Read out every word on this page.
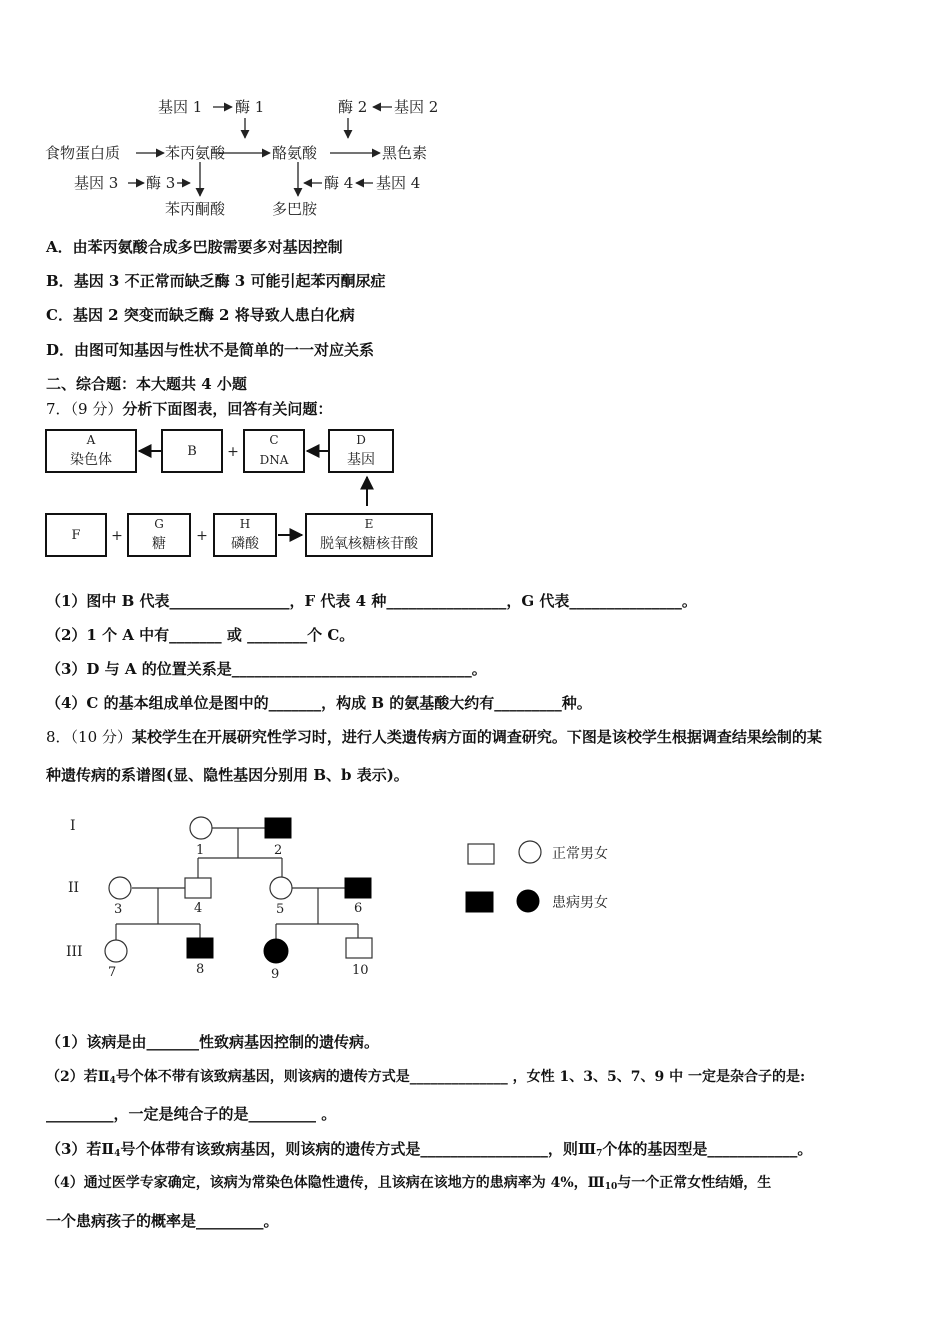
基因 1 酶 1	酶 2 基因 2
食物蛋白质	苯丙氨酸	酪氨酸	黑色素
基因 3 酶 3	酶 4 基因 4
苯丙酮酸	多巴胺
A．由苯丙氨酸合成多巴胺需要多对基因控制
B．基因 3 不正常而缺乏酶 3 可能引起苯丙酮尿症
C．基因 2 突变而缺乏酶 2 将导致人患白化病
D．由图可知基因与性状不是简单的一一对应关系
二、综合题：本大题共 4 小题
7．（9 分）分析下面图表，回答有关问题：
A
染色体
B +
C
DNA
D
基因
F +
G
糖 +
H
磷酸
E
脱氧核糖核苷酸
（1）图中 B 代表________________，F 代表 4 种________________，G 代表_______________。
（2）1 个 A 中有_______ 或 ________个 C。
（3）D 与 A 的位置关系是________________________________。
（4）C 的基本组成单位是图中的_______，构成 B 的氨基酸大约有_________种。
8．（10 分）某校学生在开展研究性学习时，进行人类遗传病方面的调查研究。下图是该校学生根据调查结果绘制的某
种遗传病的系谱图(显、隐性基因分别用 B、b 表示)。
I
II
III
1	2
3	4	5	6
7	8	9	10
正常男女
患病男女
（1）该病是由_______性致病基因控制的遗传病。
（2）若$Ⅱ_4$号个体不带有该致病基因，则该病的遗传方式是______________ ，女性 1、3、5、7、9 中 一定是杂合子的是:
_________，一定是纯合子的是_________ 。
（3）若$Ⅱ_4$号个体带有该致病基因，则该病的遗传方式是_________________，则$Ⅲ_7$个体的基因型是____________。
（4）通过医学专家确定，该病为常染色体隐性遗传，且该病在该地方的患病率为 4%，$Ⅲ_{10}$与一个正常女性结婚，生
一个患病孩子的概率是_________。
